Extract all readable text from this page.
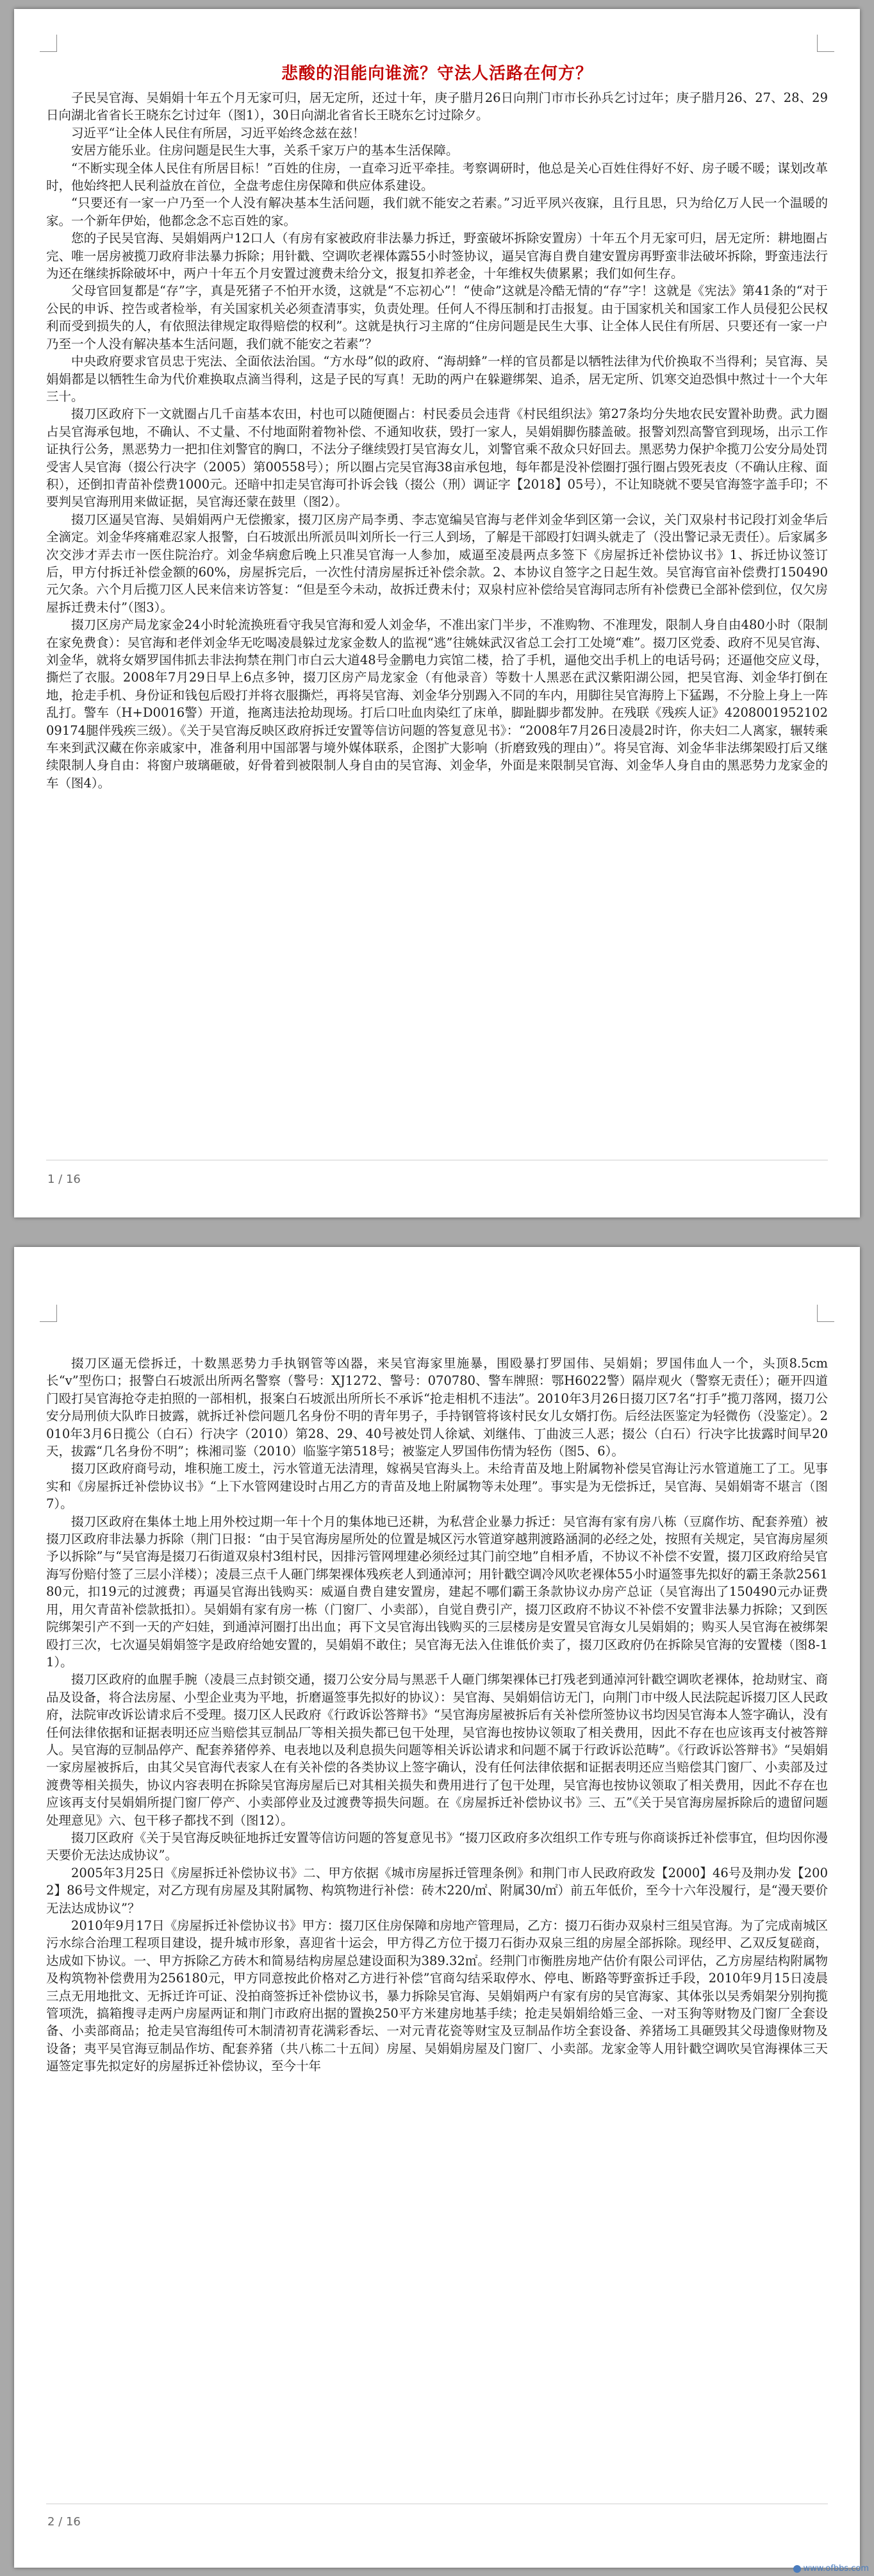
悲酸的泪能向谁流？守法人活路在何方？

子民吴官海、吴娟娟十年五个月无家可归，居无定所，还过十年，庚子腊月26日向荆门市市长孙兵乞讨过年；庚子腊月26、27、28、29日向湖北省省长王晓东乞讨过年（图1），30日向湖北省省长王晓东乞讨过除夕。

习近平“让全体人民住有所居，习近平始终念兹在兹！

安居方能乐业。住房问题是民生大事，关系千家万户的基本生活保障。

“不断实现全体人民住有所居目标！”百姓的住房，一直牵习近平牵挂。考察调研时，他总是关心百姓住得好不好、房子暖不暖；谋划改革时，他始终把人民利益放在首位，全盘考虑住房保障和供应体系建设。

“只要还有一家一户乃至一个人没有解决基本生活问题，我们就不能安之若素。”习近平夙兴夜寐，且行且思，只为给亿万人民一个温暖的家。一个新年伊始，他都念念不忘百姓的家。

您的子民吴官海、吴娟娟两户12口人（有房有家被政府非法暴力拆迁，野蛮破坏拆除安置房）十年五个月无家可归，居无定所：耕地圈占完、唯一居房被揽刀政府非法暴力拆除；用针戳、空调吹老裸体露55小时签协议，逼吴官海自费自建安置房再野蛮非法破坏拆除，野蛮违法行为还在继续拆除破坏中，两户十年五个月安置过渡费未给分文，报复扣养老金，十年维权失债累累；我们如何生存。

父母官回复都是“存”字，真是死猪子不怕开水烫，这就是“不忘初心”！“使命”这就是冷酷无情的“存”字！这就是《宪法》第41条的“对于公民的申诉、控告或者检举，有关国家机关必须查清事实，负责处理。任何人不得压制和打击报复。由于国家机关和国家工作人员侵犯公民权利而受到损失的人，有依照法律规定取得赔偿的权利”。这就是执行习主席的“住房问题是民生大事、让全体人民住有所居、只要还有一家一户乃至一个人没有解决基本生活问题，我们就不能安之若素”？

中央政府要求官员忠于宪法、全面依法治国。“方水母”似的政府、“海胡蜂”一样的官员都是以牺牲法律为代价换取不当得利；吴官海、吴娟娟都是以牺牲生命为代价难换取点滴当得利，这是子民的写真！无助的两户在躲避绑架、追杀，居无定所、饥寒交迫恐惧中熬过十一个大年三十。

掇刀区政府下一文就圈占几千亩基本农田，村也可以随便圈占：村民委员会违背《村民组织法》第27条均分失地农民安置补助费。武力圈占吴官海承包地，不确认、不丈量、不付地面附着物补偿、不通知收获，毁打一家人，吴娟娟脚伤膝盖破。报警刘烈高警官到现场，出示工作证执行公务，黑恶势力一把扣住刘警官的胸口，不法分子继续毁打吴官海女儿，刘警官乘不敌众只好回去。黑恶势力保护伞揽刀公安分局处罚受害人吴官海（掇公行决字（2005）第00558号）；所以圈占完吴官海38亩承包地，每年都是没补偿圈打强行圈占毁死表皮（不确认庄稼、面积），还倒扣青苗补偿费1000元。还暗中扣走吴官海可扑诉会钱（掇公（刑）调证字【2018】05号），不让知晓就不要吴官海签字盖手印；不要判吴官海刑用来做证据，吴官海还蒙在鼓里（图2）。

掇刀区逼吴官海、吴娟娟两户无偿搬家，掇刀区房产局李勇、李志宽编吴官海与老伴刘金华到区第一会议，关门双泉村书记段打刘金华后全滴定。刘金华疼痛难忍家人报警，白石坡派出所派员叫刘所长一行三人到场，了解是干部殴打妇调头就走了（没出警记录无责任）。后家属多次交涉才弄去市一医住院治疗。刘金华病愈后晚上只准吴官海一人参加，威逼至凌晨两点多签下《房屋拆迁补偿协议书》1、拆迁协议签订后，甲方付拆迁补偿金额的60%，房屋拆完后，一次性付清房屋拆迁补偿余款。2、本协议自签字之日起生效。吴官海官亩补偿费打150490元欠条。六个月后揽刀区人民来信来访答复：“但是至今未动，故拆迁费未付；双泉村应补偿给吴官海同志所有补偿费已全部补偿到位，仅欠房屋拆迁费未付”（图3）。

掇刀区房产局龙家金24小时轮流换班看守我吴官海和爱人刘金华，不准出家门半步，不准购物、不准理发，限制人身自由480小时（限制在家免费食）：吴官海和老伴刘金华无吃喝凌晨躲过龙家金数人的监视“逃”往姚妹武汉省总工会打工处境“难”。掇刀区党委、政府不见吴官海、刘金华，就将女婿罗国伟抓去非法拘禁在荆门市白云大道48号金鹏电力宾馆二楼，拾了手机，逼他交出手机上的电话号码；还逼他交应义母，撕烂了衣服。2008年7月29日早上6点多钟，掇刀区房产局龙家金（有他录音）等数十人黑恶在武汉紫阳湖公园，把吴官海、刘金华打倒在地，抢走手机、身份证和钱包后殴打并将衣服撕烂，再将吴官海、刘金华分别踢入不同的车内，用脚往吴官海胯上下猛踢，不分脸上身上一阵乱打。警车（H+D0016警）开道，拖离违法抢劫现场。打后口吐血肉染红了床单，脚趾脚步都发肿。在残联《残疾人证》420800195210209174腿伴残疾三级）。《关于吴官海反映区政府拆迁安置等信访问题的答复意见书》：“2008年7月26日凌晨2时许，你夫妇二人离家，辗转乘车来到武汉藏在你亲戚家中，准备利用中国部署与境外媒体联系，企图扩大影响（折磨致残的理由）”。将吴官海、刘金华非法绑架殴打后又继续限制人身自由：将窗户玻璃砸破，好骨着到被限制人身自由的吴官海、刘金华，外面是来限制吴官海、刘金华人身自由的黑恶势力龙家金的车（图4）。

1 / 16

掇刀区逼无偿拆迁，十数黑恶势力手执钢管等凶器，来吴官海家里施暴，围殴暴打罗国伟、吴娟娟；罗国伟血人一个，头顶8.5cm长“v”型伤口；报警白石坡派出所两名警察（警号：XJ1272、警号：070780、警车牌照：鄂H6022警）隔岸观火（警察无责任）；砸开四道门殴打吴官海抢夺走拍照的一部相机，报案白石坡派出所所长不承诉“抢走相机不违法”。2010年3月26日掇刀区7名“打手”揽刀落网，掇刀公安分局刑侦大队昨日披露，就拆迁补偿问题几名身份不明的青年男子，手持钢管将该村民女儿女婿打伤。后经法医鉴定为轻微伤（没鉴定）。2010年3月6日揽公（白石）行决字（2010）第28、29、40号被处罚人徐斌、刘继伟、丁曲波三人恶；掇公（白石）行决字比拔露时间早20天，拔露“几名身份不明”；株湘司鉴（2010）临鉴字第518号；被鉴定人罗国伟伤情为轻伤（图5、6）。

掇刀区政府商号动，堆积施工废土，污水管道无法清理，嫁祸吴官海头上。未给青苗及地上附属物补偿吴官海让污水管道施工了工。见事实和《房屋拆迁补偿协议书》“上下水管网建设时占用乙方的青苗及地上附属物等未处理”。事实是为无偿拆迁，吴官海、吴娟娟寄不堪言（图7）。

掇刀区政府在集体土地上用外校过期一年十个月的集体地已还耕，为私营企业暴力拆迁：吴官海有家有房八栋（豆腐作坊、配套养殖）被掇刀区政府非法暴力拆除（荆门日报：“由于吴官海房屋所处的位置是城区污水管道穿越荆渡路涵洞的必经之处，按照有关规定，吴官海房屋须予以拆除”与“吴官海是掇刀石街道双泉村3组村民，因排污管网埋建必须经过其门前空地”自相矛盾，不协议不补偿不安置，掇刀区政府给吴官海写份赔付签了三层小洋楼）；凌晨三点千人砸门绑架裸体残疾老人到通淖河；用针戳空调冷风吹老裸体55小时逼签事先拟好的霸王条款256180元，扣19元的过渡费；再逼吴官海出钱购买：威逼自费自建安置房，建起不哪们霸王条款协议办房产总证（吴官海出了150490元办证费用，用欠青苗补偿款抵扣）。吴娟娟有家有房一栋（门窗厂、小卖部），自觉自费引产，掇刀区政府不协议不补偿不安置非法暴力拆除；又到医院绑架引产不到一天的产妇娃，到通淖河圈打出出血；再下文吴官海出钱购买的三层楼房是安置吴官海女儿吴娟娟的；购买人吴官海在被绑架殴打三次，七次逼吴娟娟签字是政府给她安置的，吴娟娟不敢住；吴官海无法入住谁低价卖了，掇刀区政府仍在拆除吴官海的安置楼（图8-11）。

掇刀区政府的血腥手腕（凌晨三点封锁交通，掇刀公安分局与黑恶千人砸门绑架裸体已打残老到通淖河针戳空调吹老裸体，抢劫财宝、商品及设备，将合法房屋、小型企业夷为平地，折磨逼签事先拟好的协议）：吴官海、吴娟娟信访无门，向荆门市中级人民法院起诉掇刀区人民政府，法院审改诉讼请求后不受理。掇刀区人民政府《行政诉讼答辩书》“吴官海房屋被拆后有关补偿所签协议书均因吴官海本人签字确认，没有任何法律依据和证据表明还应当赔偿其豆制品厂等相关损失都已包干处理，吴官海也按协议领取了相关费用，因此不存在也应该再支付被答辩人。吴官海的豆制品停产、配套养猪停养、电表地以及利息损失问题等相关诉讼请求和问题不属于行政诉讼范畴”。《行政诉讼答辩书》“吴娟娟一家房屋被拆后，由其父吴官海代表家人在有关补偿的各类协议上签字确认，没有任何法律依据和证据表明还应当赔偿其门窗厂、小卖部及过渡费等相关损失，协议内容表明在拆除吴官海房屋后已对其相关损失和费用进行了包干处理，吴官海也按协议领取了相关费用，因此不存在也应该再支付吴娟娟所提门窗厂停产、小卖部停业及过渡费等损失问题。在《房屋拆迁补偿协议书》三、五”《关于吴官海房屋拆除后的遗留问题处理意见》六、包干移子都找不到（图12）。

掇刀区政府《关于吴官海反映征地拆迁安置等信访问题的答复意见书》“掇刀区政府多次组织工作专班与你商谈拆迁补偿事宜，但均因你漫天要价无法达成协议”。

2005年3月25日《房屋拆迁补偿协议书》二、甲方依据《城市房屋拆迁管理条例》和荆门市人民政府政发【2000】46号及荆办发【2002】86号文件规定，对乙方现有房屋及其附属物、构筑物进行补偿：砖木220/㎡、附属30/㎡）前五年低价，至今十六年没履行，是“漫天要价无法达成协议”？

2010年9月17日《房屋拆迁补偿协议书》甲方：掇刀区住房保障和房地产管理局，乙方：掇刀石街办双泉村三组吴官海。为了完成南城区污水综合治理工程项目建设，提升城市形象，喜迎省十运会，甲方得乙方位于掇刀石街办双泉三组的房屋全部拆除。现经甲、乙双反复磋商，达成如下协议。一、甲方拆除乙方砖木和简易结构房屋总建设面积为389.32㎡。经荆门市衡胜房地产估价有限公司评估，乙方房屋结构附属物及构筑物补偿费用为256180元，甲方同意按此价格对乙方进行补偿”官商勾结采取停水、停电、断路等野蛮拆迁手段，2010年9月15日凌晨三点无用地批文、无拆迁许可证、没拍商签拆迁补偿协议书，暴力拆除吴官海、吴娟娟两户有家有房的吴官海家、其体张以吴秀娟架分别拘揽管项洗，搞箱搜寻走两户房屋两证和荆门市政府出据的置换250平方米建房地基手续；抢走吴娟娟给婚三金、一对玉狗等财物及门窗厂全套设备、小卖部商品；抢走吴官海组传可木制清初青花满彩香坛、一对元青花瓷等财宝及豆制品作坊全套设备、养猪场工具砸毁其父母遗像财物及设备；夷平吴官海豆制品作坊、配套养猪（共八栋二十五间）房屋、吴娟娟房屋及门窗厂、小卖部。龙家金等人用针戳空调吹吴官海裸体三天逼签定事先拟定好的房屋拆迁补偿协议，至今十年

2 / 16
www.ofbbs.com
